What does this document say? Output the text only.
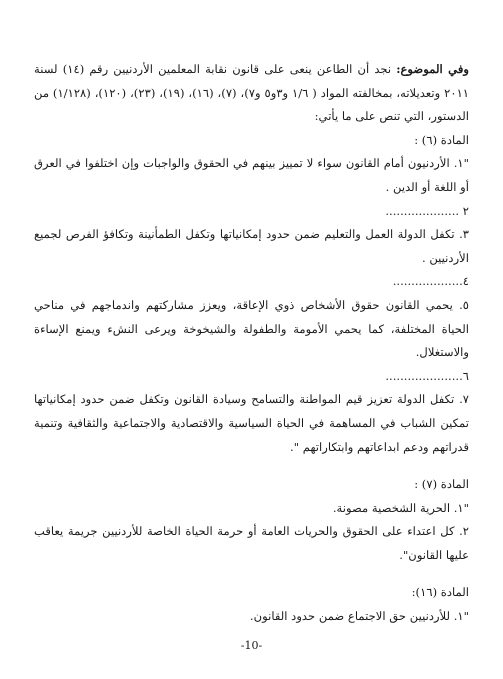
وفي الموضوع: نجد أن الطاعن ينعى على قانون نقابة المعلمين الأردنيين رقم (١٤) لسنة ٢٠١١ وتعديلاته، بمخالفته المواد ( ١/٦ و٣و٥ و٧)، (٧)، (١٦)، (١٩)، (٢٣)، (١٢٠)، (١/١٢٨) من الدستور، التي تنص على ما يأتي:

المادة (٦) :

"١. الأردنيون أمام القانون سواء لا تمييز بينهم في الحقوق والواجبات وإن اختلفوا في العرق أو اللغة أو الدين .

٢ ....................

٣. تكفل الدولة العمل والتعليم ضمن حدود إمكانياتها وتكفل الطمأنينة وتكافؤ الفرص لجميع الأردنيين .

٤...................

٥. يحمي القانون حقوق الأشخاص ذوي الإعاقة، ويعزز مشاركتهم واندماجهم في مناحي الحياة المختلفة، كما يحمي الأمومة والطفولة والشيخوخة ويرعى النشء ويمنع الإساءة والاستغلال.

٦.....................

٧. تكفل الدولة تعزيز قيم المواطنة والتسامح وسيادة القانون وتكفل ضمن حدود إمكانياتها تمكين الشباب في المساهمة في الحياة السياسية والاقتصادية والاجتماعية والثقافية وتنمية قدراتهم ودعم ابداعاتهم وابتكاراتهم ".

المادة (٧) :

"١. الحرية الشخصية مصونة.

٢. كل اعتداء على الحقوق والحريات العامة أو حرمة الحياة الخاصة للأردنيين جريمة يعاقب عليها القانون".

المادة (١٦):

"١. للأردنيين حق الاجتماع ضمن حدود القانون.

-10-
